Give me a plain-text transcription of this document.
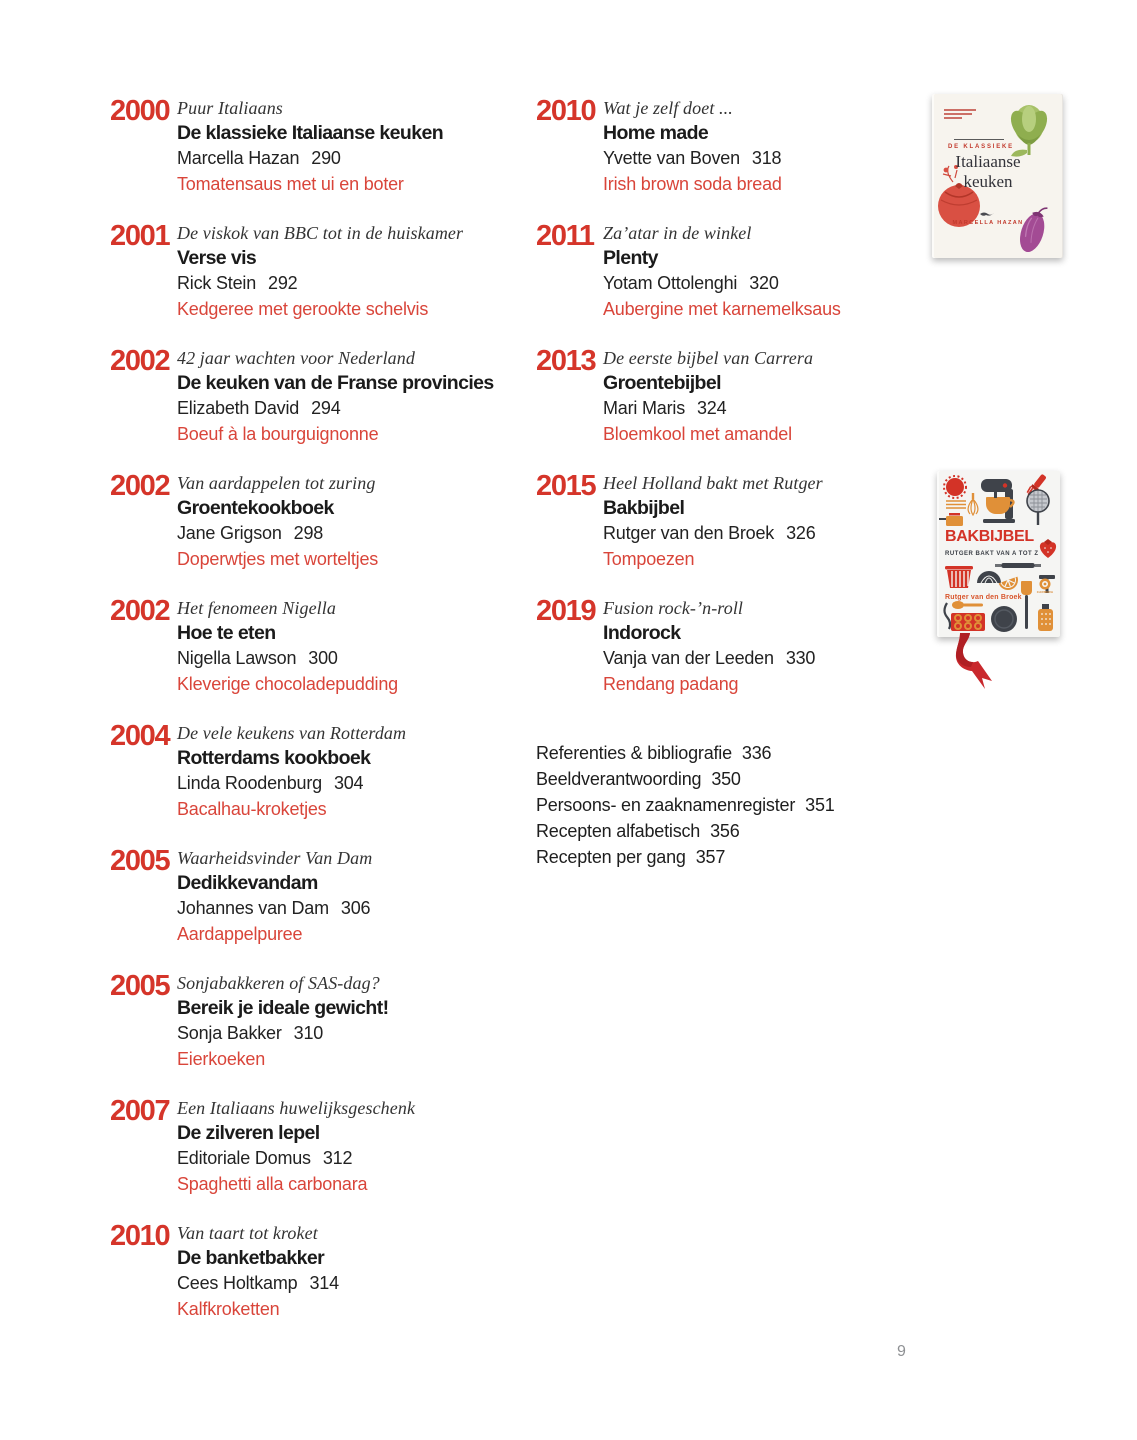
2000 Puur Italiaans
De klassieke Italiaanse keuken
Marcella Hazan 290
Tomatensaus met ui en boter
2001 De viskok van BBC tot in de huiskamer
Verse vis
Rick Stein 292
Kedgeree met gerookte schelvis
2002 42 jaar wachten voor Nederland
De keuken van de Franse provincies
Elizabeth David 294
Boeuf à la bourguignonne
2002 Van aardappelen tot zuring
Groentekookboek
Jane Grigson 298
Doperwtjes met worteltjes
2002 Het fenomeen Nigella
Hoe te eten
Nigella Lawson 300
Kleverige chocoladepudding
2004 De vele keukens van Rotterdam
Rotterdams kookboek
Linda Roodenburg 304
Bacalhau-kroketjes
2005 Waarheidsvinder Van Dam
Dedikkevandam
Johannes van Dam 306
Aardappelpuree
2005 Sonjabakkeren of SAS-dag?
Bereik je ideale gewicht!
Sonja Bakker 310
Eierkoeken
2007 Een Italiaans huwelijksgeschenk
De zilveren lepel
Editoriale Domus 312
Spaghetti alla carbonara
2010 Van taart tot kroket
De banketbakker
Cees Holtkamp 314
Kalfkroketten
2010 Wat je zelf doet ...
Home made
Yvette van Boven 318
Irish brown soda bread
2011 Za’atar in de winkel
Plenty
Yotam Ottolenghi 320
Aubergine met karnemelksaus
2013 De eerste bijbel van Carrera
Groentebijbel
Mari Maris 324
Bloemkool met amandel
2015 Heel Holland bakt met Rutger
Bakbijbel
Rutger van den Broek 326
Tompoezen
2019 Fusion rock-’n-roll
Indorock
Vanja van der Leeden 330
Rendang padang
Referenties & bibliografie 336
Beeldverantwoording 350
Persoons- en zaaknamenregister 351
Recepten alfabetisch 356
Recepten per gang 357
DE KLASSIEKE
Italiaanse
keuken
MARCELLA HAZAN
BAKBIJBEL
RUTGER BAKT VAN A TOT Z
Rutger van den Broek
CARRERA
9
